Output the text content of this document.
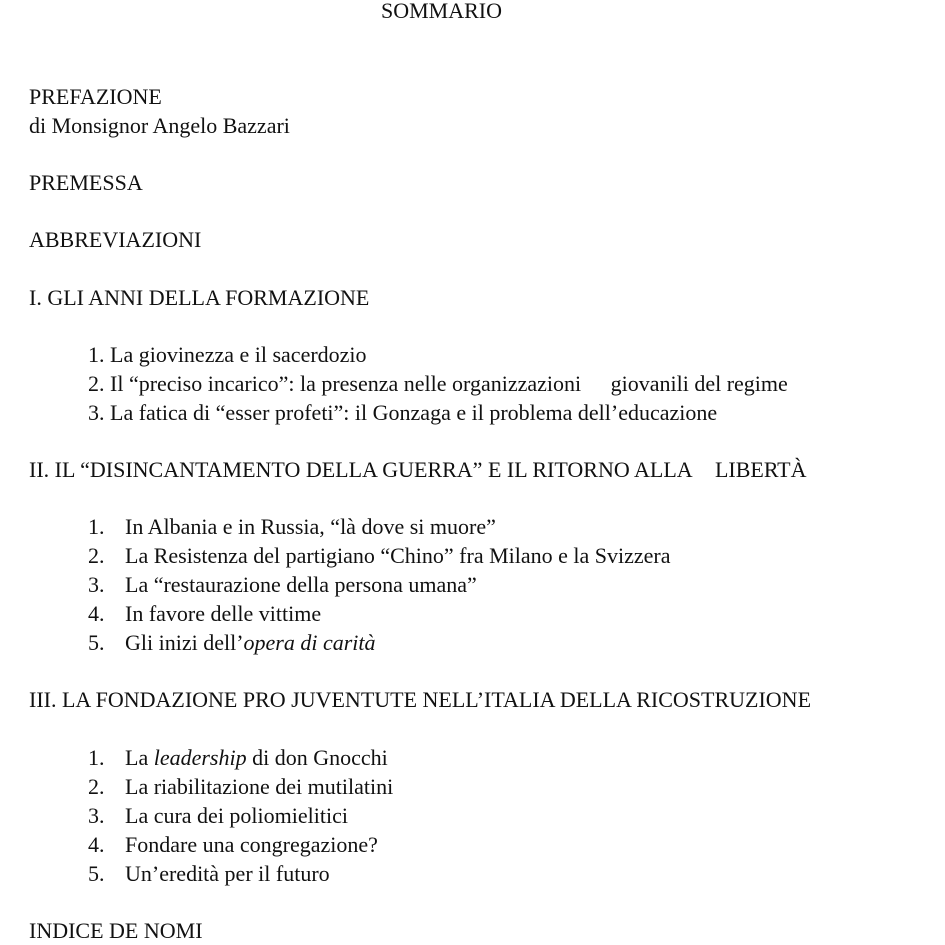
SOMMARIO
PREFAZIONE
di Monsignor Angelo Bazzari
PREMESSA
ABBREVIAZIONI
I. GLI ANNI DELLA FORMAZIONE
1. La giovinezza e il sacerdozio
2. Il “preciso incarico”: la presenza nelle organizzazioni giovanili del regime
3. La fatica di “esser profeti”: il Gonzaga e il problema dell’educazione
II. IL “DISINCANTAMENTO DELLA GUERRA” E IL RITORNO ALLA LIBERTÀ
1. In Albania e in Russia, “là dove si muore”
2. La Resistenza del partigiano “Chino” fra Milano e la Svizzera
3. La “restaurazione della persona umana”
4. In favore delle vittime
5. Gli inizi dell’opera di carità
III. LA FONDAZIONE PRO JUVENTUTE NELL’ITALIA DELLA RICOSTRUZIONE
1. La leadership di don Gnocchi
2. La riabilitazione dei mutilatini
3. La cura dei poliomielitici
4. Fondare una congregazione?
5. Un’eredità per il futuro
INDICE DE NOMI
